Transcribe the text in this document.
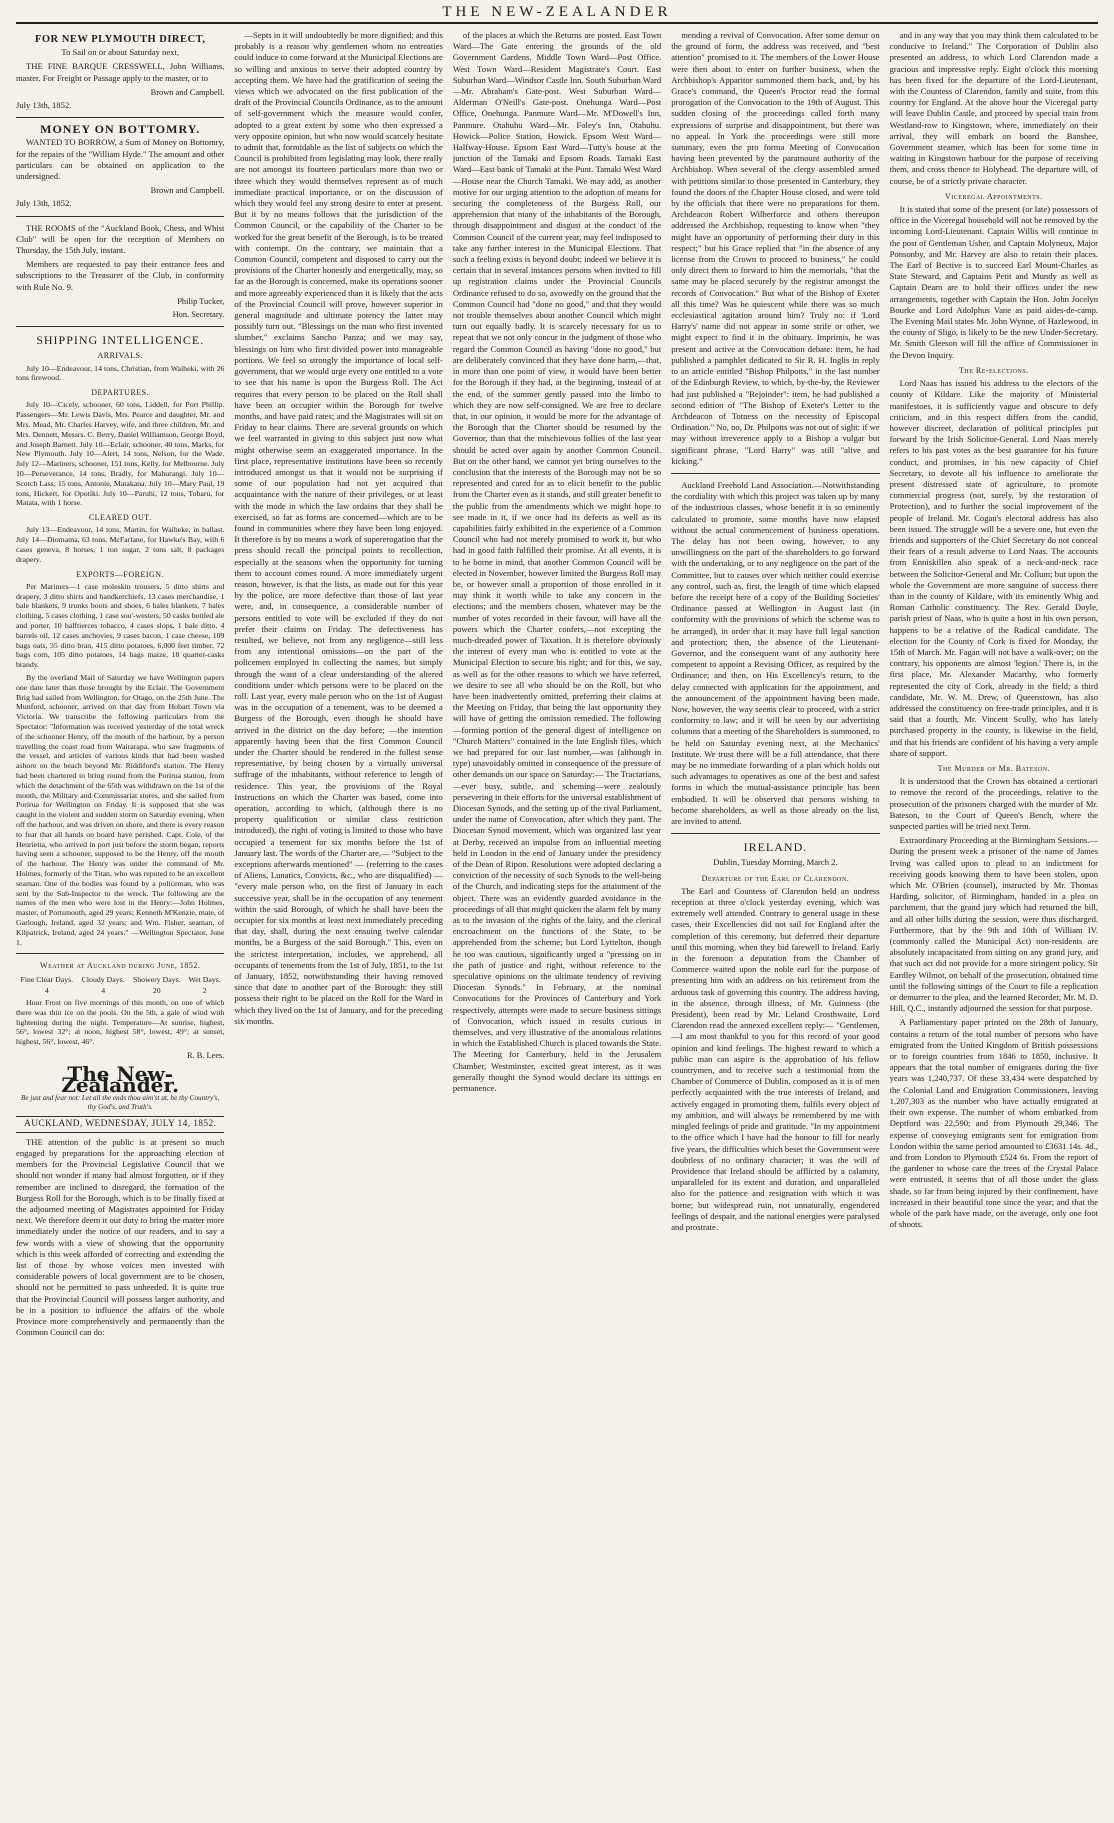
THE NEW-ZEALANDER
FOR NEW PLYMOUTH DIRECT,

To Sail on or about Saturday next,

THE FINE BARQUE CRESSWELL, John Williams, master. For Freight or Passage apply to the master, or to

Brown and Campbell.
July 13th, 1852.
MONEY ON BOTTOMRY.

WANTED TO BORROW, a Sum of Money on Bottomry, for the repairs of the "William Hyde." The amount and other particulars can be obtained on application to the undersigned.

Brown and Campbell.
July 13th, 1852.

THE ROOMS of the "Auckland Book, Chess, and Whist Club" will be open for the reception of Members on Thursday, the 15th July, instant.

Members are requested to pay their entrance fees and subscriptions to the Treasurer of the Club, in conformity with Rule No. 9.

Philip Tucker,
Hon. Secretary.
SHIPPING INTELLIGENCE.
ARRIVALS.

July 10—Endeavour, 14 tons, Christian, from Waiheki, with 26 tons firewood.

DEPARTURES.

July 10—Cicely, schooner, 60 tons, Liddell, for Port Phillip. Passengers—Mr. Lewis Davis, Mrs. Pearce and daughter, Mr. and Mrs. Mead, Mr. Charles Harvey, wife, and three children, Mr. and Mrs. Dennett, Messrs. C. Berry, Daniel Williamson, George Boyd, and Joseph Barnett. July 10—Eclair, schooner, 40 tons, Marks, for New Plymouth. July 10—Alert, 14 tons, Nelson, for the Wade. July 12—Mariners, schooner, 151 tons, Kelly, for Melbourne. July 10—Perseverance, 14 tons, Bradly, for Mahurangi. July 10—Scotch Lass, 15 tons, Antonie, Matakana. July 10—Mary Paul, 19 tons, Hickert, for Opotiki. July 10—Paruhi, 12 tons, Tobaru, for Matata, with 1 horse.

CLEARED OUT.

July 13—Endeavour, 14 tons, Martin, for Waiheke, in ballast. July 14—Diomama, 63 tons, McFarlane, for Hawke's Bay, with 6 cases geneva, 8 horses, 1 ton sugar, 2 tons salt, 8 packages drapery.

EXPORTS—FOREIGN.

Per Mariners—1 case moleskin trousers, 5 ditto shirts and drapery, 3 ditto shirts and handkerchiefs, 13 cases merchandise, 1 bale blankets, 9 trunks boots and shoes, 6 bales blankets, 7 bales clothing, 5 cases clothing, 1 case sou'-westers, 50 casks bottled ale and porter, 10 halftierces tobacco, 4 cases slops, 1 bale ditto, 4 barrels oil, 12 cases anchovies, 9 cases bacon, 1 case cheese, 109 bags oats, 35 ditto bran, 415 ditto potatoes, 6,000 feet timber, 72 bags corn, 105 ditto potatoes, 14 bags maize, 18 quarter-casks brandy.

By the overland Mail of Saturday we have Wellington papers one date later than those brought by the Eclair. The Government Brig had sailed from Wellington, for Otago, on the 25th June. The Munford, schooner, arrived on that day from Hobart Town via Victoria. We transcribe the following particulars from the Spectator: "Information was received yesterday of the total wreck of the schooner Henry, off the mouth of the harbour, by a person travelling the coast road from Wairarapa, who saw fragments of the vessel, and articles of various kinds that had been washed ashore on the beach beyond Mr. Riddiford's station. The Henry had been chartered to bring round from the Porirua station, from which the detachment of the 65th was withdrawn on the 1st of the month, the Military and Commissariat stores, and she sailed from Porirua for Wellington on Friday. It is supposed that she was caught in the violent and sudden storm on Saturday evening, when off the harbour, and was driven on shore, and there is every reason to fear that all hands on board have perished. Capt. Cole, of the Henrietta, who arrived in port just before the storm began, reports having seen a schooner, supposed to be the Henry, off the mouth of the harbour. The Henry was under the command of Mr. Holmes, formerly of the Titan, who was reputed to be an excellent seaman. One of the bodies was found by a policeman, who was sent by the Sub-Inspector to the wreck. The following are the names of the men who were lost in the Henry:—John Holmes, master, of Portsmouth, aged 29 years; Kenneth M'Kenzie, mate, of Garlough, Ireland, aged 32 years; and Wm. Fisher, seaman, of Kilpatrick, Ireland, aged 24 years." —Wellington Spectator, June 1.

Weather at Auckland during June, 1852.
Fine Clear Days.	Cloudy Days.	Showery Days.	Wet Days.
4	4	20	2

Hour Frost on five mornings of this month, on one of which there was thin ice on the pools. On the 5th, a gale of wind with lightening during the night. Temperature—At sunrise, highest, 56°, lowest 32°; at noon, highest 58°, lowest, 49°; at sunset, highest, 56°, lowest, 46°.

R. B. Lees.
The New-Zealander.
Be just and fear not: Let all the ends thou aim'st at, be thy Country's, thy God's, and Truth's.
AUCKLAND, WEDNESDAY, JULY 14, 1852.

THE attention of the public is at present so much engaged by preparations for the approaching election of members for the Provincial Legislative Council that we should not wonder if many had almost forgotten, or if they remember are inclined to disregard, the formation of the Burgess Roll for the Borough, which is to be finally fixed at the adjourned meeting of Magistrates appointed for Friday next. We therefore deem it our duty to bring the matter more immediately under the notice of our readers, and to say a few words with a view of showing that the opportunity which is this week afforded of correcting and extending the list of those by whose voices men invested with considerable powers of local government are to be chosen, should not be permitted to pass unheeded. It is quite true that the Provincial Council will possess larger authority, and be in a position to influence the affairs of the whole Province more comprehensively and permanently than the Common Council can do:

—Septs in it will undoubtedly be more dignified; and this probably is a reason why gentlemen whom no entreaties could induce to come forward at the Municipal Elections are so willing and anxious to serve their adopted country by accepting them. We have had the gratification of seeing the views which we advocated on the first publication of the draft of the Provincial Councils Ordinance, as to the amount of self-government which the measure would confer, adopted to a great extent by some who then expressed a very opposite opinion, but who now would scarcely hesitate to admit that, formidable as the list of subjects on which the Council is prohibited from legislating may look, there really are not amongst its fourteen particulars more than two or three which they would themselves represent as of much immediate practical importance, or on the discussion of which they would feel any strong desire to enter at present. But it by no means follows that the jurisdiction of the Common Council, or the capability of the Charter to be worked for the great benefit of the Borough, is to be treated with contempt. On the contrary, we maintain that a Common Council, competent and disposed to carry out the provisions of the Charter honestly and energetically, may, so far as the Borough is concerned, make its operations sooner and more agreeably experienced than it is likely that the acts of the Provincial Council will prove, however superior in general magnitude and ultimate potency the latter may possibly turn out. "Blessings on the man who first invented slumber," exclaims Sancho Panza; and we may say, blessings on him who first divided power into manageable portions. We feel so strongly the importance of local self-government, that we would urge every one entitled to a vote to see that his name is upon the Burgess Roll. The Act requires that every person to be placed on the Roll shall have been an occupier within the Borough for twelve months, and have paid rates; and the Magistrates will sit on Friday to hear claims. There are several grounds on which we feel warranted in giving to this subject just now what might otherwise seem an exaggerated importance. In the first place, representative institutions have been so recently introduced amongst us that it would not be surprising if some of our population had not yet acquired that acquaintance with the nature of their privileges, or at least with the mode in which the law ordains that they shall be exercised, so far as forms are concerned—which are to be found in communities where they have been long enjoyed. It therefore is by no means a work of supererogation that the press should recall the principal points to recollection, especially at the seasons when the opportunity for turning them to account comes round. A more immediately urgent reason, however, is that the lists, as made out for this year by the police, are more defective than those of last year were, and, in consequence, a considerable number of persons entitled to vote will be excluded if they do not prefer their claims on Friday. The defectiveness has resulted, we believe, not from any negligence—still less from any intentional omissions—on the part of the policemen employed in collecting the names, but simply through the want of a clear understanding of the altered conditions under which persons were to be placed on the roll. Last year, every male person who on the 1st of August was in the occupation of a tenement, was to be deemed a Burgess of the Borough, even though he should have arrived in the district on the day before; —the intention apparently having been that the first Common Council under the Charter should be rendered in the fullest sense representative, by being chosen by a virtually universal suffrage of the inhabitants, without reference to length of residence. This year, the provisions of the Royal Instructions on which the Charter was based, come into operation, according to which, (although there is no property qualification or similar class restriction introduced), the right of voting is limited to those who have occupied a tenement for six months before the 1st of January last. The words of the Charter are,— "Subject to the exceptions afterwards mentioned" — (referring to the cases of Aliens, Lunatics, Convicts, &c., who are disqualified) — "every male person who, on the first of January in each successive year, shall be in the occupation of any tenement within the said Borough, of which he shall have been the occupier for six months at least next immediately preceding that day, shall, during the next ensuing twelve calendar months, be a Burgess of the said Borough." This, even on the strictest interpretation, includes, we apprehend, all occupants of tenements from the 1st of July, 1851, to the 1st of January, 1852, notwithstanding their having removed since that date to another part of the Borough: they still possess their right to be placed on the Roll for the Ward in which they lived on the 1st of January, and for the preceding six months.

of the places at which the Returns are posted. East Town Ward—The Gate entering the grounds of the old Government Gardens. Middle Town Ward—Post Office. West Town Ward—Resident Magistrate's Court. East Suburban Ward—Windsor Castle Inn. South Suburban Ward—Mr. Abraham's Gate-post. West Suburban Ward—Alderman O'Neill's Gate-post. Onehunga Ward—Post Office, Onehunga. Panmure Ward—Mr. M'Dowell's Inn, Panmure. Otahuhu Ward—Mr. Foley's Inn, Otahuhu. Howick—Police Station, Howick. Epsom West Ward—Halfway-House. Epsom East Ward—Tutty's house at the junction of the Tamaki and Epsom Roads. Tamaki East Ward—East bank of Tamaki at the Punt. Tamaki West Ward—House near the Church Tamaki. We may add, as another motive for our urging attention to the adoption of means for securing the completeness of the Burgess Roll, our apprehension that many of the inhabitants of the Borough, through disappointment and disgust at the conduct of the Common Council of the current year, may feel indisposed to take any further interest in the Municipal Elections. That such a feeling exists is beyond doubt; indeed we believe it is certain that in several instances persons when invited to fill up registration claims under the Provincial Councils Ordinance refused to do so, avowedly on the ground that the Common Council had "done no good," and that they would not trouble themselves about another Council which might turn out equally badly. It is scarcely necessary for us to repeat that we not only concur in the judgment of those who regard the Common Council as having "done no good," but are deliberately convinced that they have done harm,—that, in more than one point of view, it would have been better for the Borough if they had, at the beginning, instead of at the end, of the summer gently passed into the limbo to which they are now self-consigned. We are free to declare that, in our opinion, it would be more for the advantage of the Borough that the Charter should be resumed by the Governor, than that the mischievous follies of the last year should be acted over again by another Common Council. But on the other hand, we cannot yet bring ourselves to the conclusion that the interests of the Borough may not be so represented and cared for as to elicit benefit to the public from the Charter even as it stands, and still greater benefit to the public from the amendments which we might hope to see made in it, if we once had its defects as well as its capabilities fairly exhibited in the experience of a Common Council who had not merely promised to work it, but who had in good faith fulfilled their promise. At all events, it is to be borne in mind, that another Common Council will be elected in November, however limited the Burgess Roll may be, or however small a proportion of those enrolled in it may think it worth while to take any concern in the elections; and the members chosen, whatever may be the number of votes recorded in their favour, will have all the powers which the Charter confers,—not excepting the much-dreaded power of Taxation. It is therefore obviously the interest of every man who is entitled to vote at the Municipal Election to secure his right; and for this, we say, as well as for the other reasons to which we have referred, we desire to see all who should be on the Roll, but who have been inadvertently omitted, preferring their claims at the Meeting on Friday, that being the last opportunity they will have of getting the omission remedied. The following—forming portion of the general digest of intelligence on "Church Matters" contained in the late English files, which we had prepared for our last number,—was (although in type) unavoidably omitted in consequence of the pressure of other demands on our space on Saturday:— The Tractarians,—ever busy, subtle, and scheming—were zealously persevering in their efforts for the universal establishment of Diocesan Synods, and the setting up of the rival Parliament, under the name of Convocation, after which they pant. The Diocesan Synod movement, which was organized last year at Derby, received an impulse from an influential meeting held in London in the end of January under the presidency of the Dean of Ripon. Resolutions were adopted declaring a conviction of the necessity of such Synods to the well-being of the Church, and indicating steps for the attainment of the object. There was an evidently guarded avoidance in the proceedings of all that might quicken the alarm felt by many as to the invasion of the rights of the laity, and the clerical encroachment on the functions of the State, to be apprehended from the scheme; but Lord Lyttelton, though he too was cautious, significantly urged a "pressing on in the path of justice and right, without reference to the speculative opinions on the ultimate tendency of reviving Diocesan Synods." In February, at the nominal Convocations for the Provinces of Canterbury and York respectively, attempts were made to secure business sittings of Convocation, which issued in results curious in themselves, and very illustrative of the anomalous relations in which the Established Church is placed towards the State. The Meeting for Canterbury, held in the Jerusalem Chamber, Westminster, excited great interest, as it was generally thought the Synod would declare its sittings en permanence.

mending a revival of Convocation. After some demur on the ground of form, the address was received, and "best attention" promised to it. The members of the Lower House were then about to enter on further business, when the Archbishop's Apparitor summoned them back, and, by his Grace's command, the Queen's Proctor read the formal prorogation of the Convocation to the 19th of August. This sudden closing of the proceedings called forth many expressions of surprise and disappointment, but there was no appeal. In York the proceedings were still more summary, even the pro forma Meeting of Convocation having been prevented by the paramount authority of the Archbishop. When several of the clergy assembled armed with petitions similar to those presented in Canterbury, they found the doors of the Chapter House closed, and were told by the officials that there were no preparations for them. Archdeacon Robert Wilberforce and others thereupon addressed the Archbishop, requesting to know when "they might have an opportunity of performing their duty in this respect;" but his Grace replied that "in the absence of any license from the Crown to proceed to business," he could only direct them to forward to him the memorials, "that the same may be placed securely by the registrar amongst the records of Convocation." But what of the Bishop of Exeter all this time? Was he quiescent while there was so much ecclesiastical agitation around him? Truly no: if 'Lord Harry's' name did not appear in some strife or other, we might expect to find it in the obituary. Imprimis, he was present and active at the Convocation debate: item, he had published a pamphlet dedicated to Sir R. H. Inglis in reply to an article entitled "Bishop Philpotts," in the last number of the Edinburgh Review, to which, by-the-by, the Reviewer had just published a "Rejoinder": item, he had published a second edition of "The Bishop of Exeter's Letter to the Archdeacon of Totness on the necessity of Episcopal Ordination." No, no, Dr. Philpotts was not out of sight: if we may without irreverence apply to a Bishop a vulgar but significant phrase, "Lord Harry" was still "alive and kicking."

Auckland Freehold Land Association.—Notwithstanding the cordiality with which this project was taken up by many of the industrious classes, whose benefit it is so eminently calculated to promote, some months have now elapsed without the actual commencement of business operations. The delay has not been owing, however, to any unwillingness on the part of the shareholders to go forward with the undertaking, or to any negligence on the part of the Committee, but to causes over which neither could exercise any control, such as, first, the length of time which elapsed before the receipt here of a copy of the Building Societies' Ordinance passed at Wellington in August last (in conformity with the provisions of which the scheme was to be arranged), in order that it may have full legal sanction and protection; then, the absence of the Lieutenant-Governor, and the consequent want of any authority here competent to appoint a Revising Officer, as required by the Ordinance; and then, on His Excellency's return, to the delay connected with application for the appointment, and the announcement of the appointment having been made. Now, however, the way seems clear to proceed, with a strict conformity to law; and it will be seen by our advertising columns that a meeting of the Shareholders is summoned, to be held on Saturday evening next, at the Mechanics' Institute. We trust there will be a full attendance, that there may be no immediate forwarding of a plan which holds out such advantages to operatives as one of the best and safest forms in which the mutual-assistance principle has been embodied. It will be observed that persons wishing to become shareholders, as well as those already on the list, are invited to attend.

IRELAND.

Dublin, Tuesday Morning, March 2.

Departure of the Earl of Clarendon.

The Earl and Countess of Clarendon held an undress reception at three o'clock yesterday evening, which was extremely well attended. Contrary to general usage in these cases, their Excellencies did not sail for England after the completion of this ceremony, but deferred their departure until this morning, when they bid farewell to Ireland. Early in the forenoon a deputation from the Chamber of Commerce waited upon the noble earl for the purpose of presenting him with an address on his retirement from the arduous task of governing this country. The address having, in the absence, through illness, of Mr. Guinness (the President), been read by Mr. Leland Crosthwaite, Lord Clarendon read the annexed excellent reply:— "Gentlemen,—I am most thankful to you for this record of your good opinion and kind feelings. The highest reward to which a public man can aspire is the approbation of his fellow countrymen, and to receive such a testimonial from the Chamber of Commerce of Dublin, composed as it is of men perfectly acquainted with the true interests of Ireland, and actively engaged in promoting them, fulfils every object of my ambition, and will always be remembered by me with mingled feelings of pride and gratitude. "In my appointment to the office which I have had the honour to fill for nearly five years, the difficulties which beset the Government were doubtless of no ordinary character; it was the will of Providence that Ireland should be afflicted by a calamity, unparalleled for its extent and duration, and unparalleled also for the patience and resignation with which it was borne; but widespread ruin, not unnaturally, engendered feelings of despair, and the national energies were paralysed and prostrate.

and in any way that you may think them calculated to be conducive to Ireland." The Corporation of Dublin also presented an address, to which Lord Clarendon made a gracious and impressive reply. Eight o'clock this morning has been fixed for the departure of the Lord-Lieutenant, with the Countess of Clarendon, family and suite, from this country for England. At the above hour the Viceregal party will leave Dublin Castle, and proceed by special train from Westland-row to Kingstown, where, immediately on their arrival, they will embark on board the Banshee, Government steamer, which has been for some time in waiting in Kingstown harbour for the purpose of receiving them, and cross thence to Holyhead. The departure will, of course, be of a strictly private character.

Viceregal Appointments.

It is stated that some of the present (or late) possessors of office in the Viceregal household will not be removed by the incoming Lord-Lieutenant. Captain Willis will continue in the post of Gentleman Usher, and Captain Molyneux, Major Ponsonby, and Mr. Harvey are also to retain their places. The Earl of Bective is to succeed Earl Mount-Charles as State Steward, and Captains Petit and Mundy as well as Captain Dearn are to hold their offices under the new arrangements, together with Captain the Hon. John Jocelyn Bourke and Lord Adolphus Vane as paid aides-de-camp. The Evening Mail states Mr. John Wynne, of Hazlewood, in the county of Sligo, is likely to be the new Under-Secretary. Mr. Smith Gleeson will fill the office of Commissioner in the Devon Inquiry.

The Re-elections.

Lord Naas has issued his address to the electors of the county of Kildare. Like the majority of Ministerial manifestoes, it is sufficiently vague and obscure to defy criticism, and in this respect differs from the candid, however discreet, declaration of political principles put forward by the Irish Solicitor-General. Lord Naas merely refers to his past votes as the best guarantee for his future conduct, and promises, in his new capacity of Chief Secretary, to devote all his influence to ameliorate the present distressed state of agriculture, to promote commercial progress (not, surely, by the restoration of Protection), and to further the social improvement of the people of Ireland. Mr. Cogan's electoral address has also been issued. The struggle will be a severe one, but even the friends and supporters of the Chief Secretary do not conceal their fears of a result adverse to Lord Naas. The accounts from Enniskillen also speak of a neck-and-neck race between the Solicitor-General and Mr. Collum; but upon the whole the Government are more sanguine of success there than in the county of Kildare, with its eminently Whig and Roman Catholic constituency. The Rev. Gerald Doyle, parish priest of Naas, who is quite a host in his own person, happens to be a relative of the Radical candidate. The election for the County of Cork is fixed for Monday, the 15th of March. Mr. Fagan will not have a walk-over; on the contrary, his opponents are almost 'legion.' There is, in the first place, Mr. Alexander Macarthy, who formerly represented the city of Cork, already in the field; a third candidate, Mr. W. M. Drew, of Queenstown, has also addressed the constituency on free-trade principles, and it is said that a fourth, Mr. Vincent Scully, who has lately purchased property in the county, is likewise in the field, and that his friends are confident of his having a very ample share of support.

The Murder of Mr. Bateson.

It is understood that the Crown has obtained a certiorari to remove the record of the proceedings, relative to the prosecution of the prisoners charged with the murder of Mr. Bateson, to the Court of Queen's Bench, where the suspected parties will be tried next Term.

Extraordinary Proceeding at the Birmingham Sessions.—During the present week a prisoner of the name of James Irving was called upon to plead to an indictment for receiving goods knowing them to have been stolen, upon which Mr. O'Brien (counsel), instructed by Mr. Thomas Harding, solicitor, of Birmingham, handed in a plea on parchment, that the grand jury which had returned the bill, and all other bills during the session, were thus discharged. Furthermore, that by the 9th and 10th of William IV. (commonly called the Municipal Act) non-residents are absolutely incapacitated from sitting on any grand jury, and that such act did not provide for a more stringent policy. Sir Eardley Wilmot, on behalf of the prosecution, obtained time until the following sittings of the Court to file a replication or demurrer to the plea, and the learned Recorder, Mr. M. D. Hill, Q.C., instantly adjourned the session for that purpose.

A Parliamentary paper printed on the 28th of January, contains a return of the total number of persons who have emigrated from the United Kingdom of British possessions or to foreign countries from 1846 to 1850, inclusive. It appears that the total number of emigrants during the five years was 1,240,737. Of these 33,434 were despatched by the Colonial Land and Emigration Commissioners, leaving 1,207,303 as the number who have actually emigrated at their own expense. The number of whom embarked from Deptford was 22,590; and from Plymouth 29,346. The expense of conveying emigrants sent for emigration from London within the same period amounted to £3631 14s. 4d., and from London to Plymouth £524 6s. From the report of the gardener to whose care the trees of the Crystal Palace were entrusted, it seems that of all those under the glass shade, so far from being injured by their confinement, have increased in their beautiful tone since the year; and that the whole of the park have made, on the average, only one foot of shoots.
